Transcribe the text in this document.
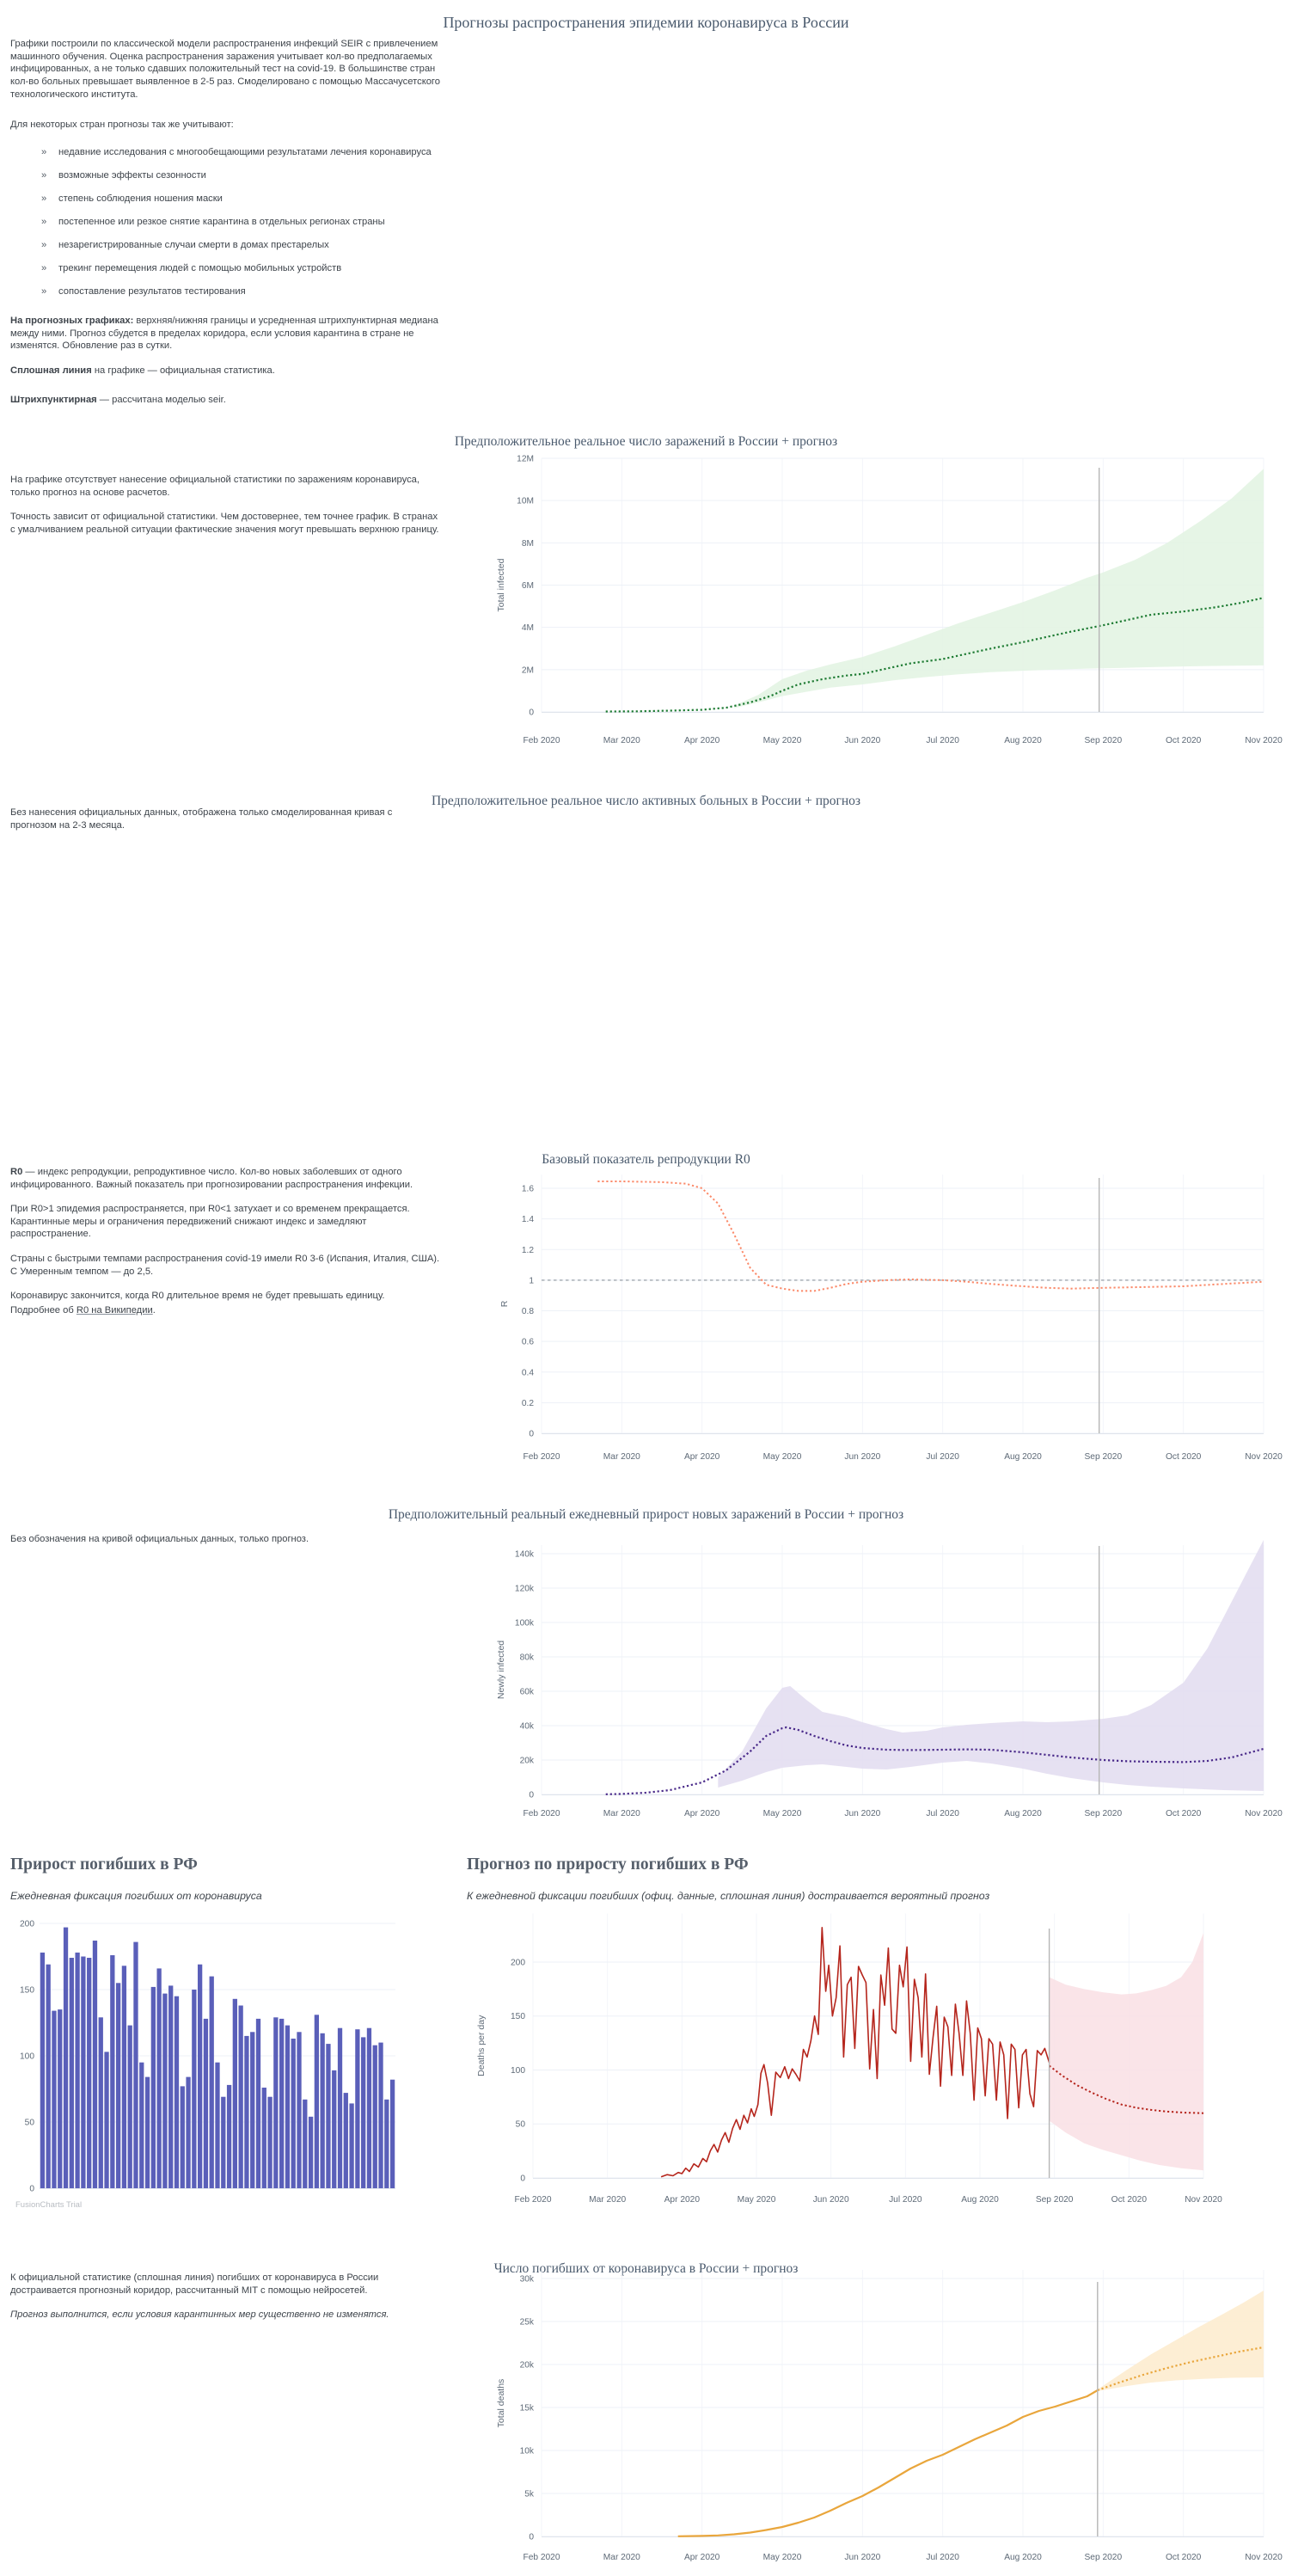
Прогнозы распространения эпидемии коронавируса в России

Графики построили по классической модели распространения инфекций SEIR с привлечением машинного обучения. Оценка распространения заражения учитывает кол-во предполагаемых инфицированных, а не только сдавших положительный тест на covid-19. В большинстве стран кол-во больных превышает выявленное в 2-5 раз. Смоделировано с помощью Массачусетского технологического института.

Для некоторых стран прогнозы так же учитывают:

» недавние исследования с многообещающими результатами лечения коронавируса
» возможные эффекты сезонности
» степень соблюдения ношения маски
» постепенное или резкое снятие карантина в отдельных регионах страны
» незарегистрированные случаи смерти в домах престарелых
» трекинг перемещения людей с помощью мобильных устройств
» сопоставление результатов тестирования

На прогнозных графиках: верхняя/нижняя границы и усредненная штрихпунктирная медиана между ними. Прогноз сбудется в пределах коридора, если условия карантина в стране не изменятся. Обновление раз в сутки.

Сплошная линия на графике — официальная статистика.

Штрихпунктирная — рассчитана моделью seir.

Предположительное реальное число заражений в России + прогноз

На графике отсутствует нанесение официальной статистики по заражениям коронавируса, только прогноз на основе расчетов.

Точность зависит от официальной статистики. Чем достовернее, тем точнее график. В странах с умалчиванием реальной ситуации фактические значения могут превышать верхнюю границу.

Feb 2020	Mar 2020	Apr 2020	May 2020	Jun 2020	Jul 2020	Aug 2020	Sep 2020	Oct 2020	Nov 2020
0
2M
4M
6M
8M
10M
12M
Total infected
Предположительное реальное число активных больных в России + прогноз

Без нанесения официальных данных, отображена только смоделированная кривая с прогнозом на 2-3 месяца.

Базовый показатель репродукции R0

R0 — индекс репродукции, репродуктивное число. Кол-во новых заболевших от одного инфицированного. Важный показатель при прогнозировании распространения инфекции.

При R0>1 эпидемия распространяется, при R0<1 затухает и со временем прекращается. Карантинные меры и ограничения передвижений снижают индекс и замедляют распространение.

Страны с быстрыми темпами распространения covid-19 имели R0 3-6 (Испания, Италия, США). С Умеренным темпом — до 2,5.

Коронавирус закончится, когда R0 длительное время не будет превышать единицу.

Подробнее об R0 на Википедии.

Feb 2020	Mar 2020	Apr 2020	May 2020	Jun 2020	Jul 2020	Aug 2020	Sep 2020	Oct 2020	Nov 2020
0
0.2
0.4
0.6
0.8
1
1.2
1.4
1.6
R
Предположительный реальный ежедневный прирост новых заражений в России + прогноз

Без обозначения на кривой официальных данных, только прогноз.

Feb 2020	Mar 2020	Apr 2020	May 2020	Jun 2020	Jul 2020	Aug 2020	Sep 2020	Oct 2020	Nov 2020
0
20k
40k
60k
80k
100k
120k
140k
Newly infected
Прирост погибших в РФ

Ежедневная фиксация погибших от коронавируса

0
50
100
150
200
FusionCharts Trial
Прогноз по приросту погибших в РФ

К ежедневной фиксации погибших (офиц. данные, сплошная линия) достраивается вероятный прогноз

Feb 2020	Mar 2020	Apr 2020	May 2020	Jun 2020	Jul 2020	Aug 2020	Sep 2020	Oct 2020	Nov 2020
0
50
100
150
200
Deaths per day
Число погибших от коронавируса в России + прогноз

К официальной статистике (сплошная линия) погибших от коронавируса в России достраивается прогнозный коридор, рассчитанный MIT с помощью нейросетей.

Прогноз выполнится, если условия карантинных мер существенно не изменятся.

Feb 2020	Mar 2020	Apr 2020	May 2020	Jun 2020	Jul 2020	Aug 2020	Sep 2020	Oct 2020	Nov 2020
0
5k
10k
15k
20k
25k
30k
Total deaths
